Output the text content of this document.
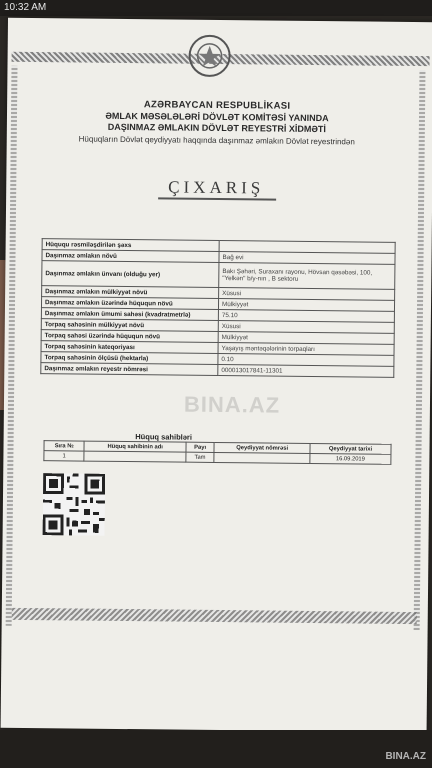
10:32 AM
AZƏRBAYCAN RESPUBLİKASI
ƏMLAK MƏSƏLƏLƏRİ DÖVLƏT KOMİTƏSİ YANINDA
DAŞINMAZ ƏMLAKIN DÖVLƏT REYESTRİ XİDMƏTİ
Hüquqların Dövlət qeydiyyatı haqqında daşınmaz əmlakın Dövlət reyestrindən
ÇIXARIŞ
Hüququ rəsmiləşdirilən şəxs	
Daşınmaz əmlakın növü	Bağ evi
Daşınmaz əmlakın ünvanı (olduğu yer)	Bakı Şəhəri, Suraxanı rayonu, Hövsan qəsəbəsi, 100, "Yelkən" b/y-nın , B sektoru
Daşınmaz əmlakın mülkiyyət növü	Xüsusi
Daşınmaz əmlakın üzərində hüququn növü	Mülkiyyət
Daşınmaz əmlakın ümumi sahəsi (kvadratmetrlə)	75.10
Torpaq sahəsinin mülkiyyət növü	Xüsusi
Torpaq sahəsi üzərində hüququn növü	Mülkiyyət
Torpaq sahəsinin kateqoriyası	Yaşayış məntəqələrinin torpaqları
Torpaq sahəsinin ölçüsü (hektarla)	0.10
Daşınmaz əmlakın reyestr nömrəsi	000013017841-11301
BINA.AZ
Hüquq sahibləri
Sıra №	Hüquq sahibinin adı	Payı	Qeydiyyat nömrəsi	Qeydiyyat tarixi
1		Tam		16.09.2019
BINA.AZ
